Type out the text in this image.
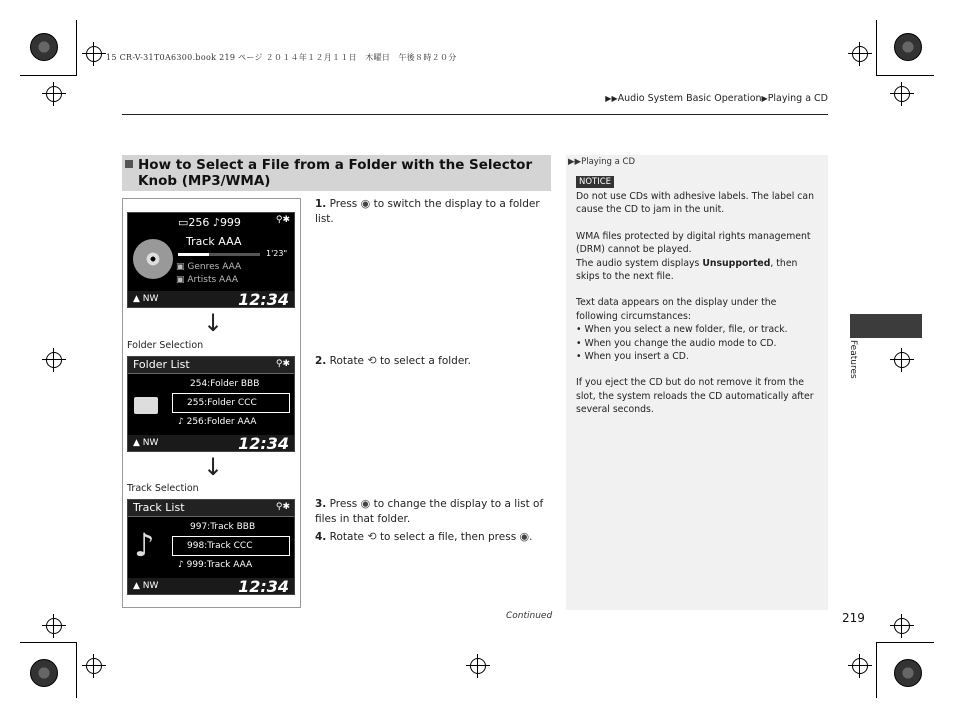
15 CR-V-31T0A6300.book 219 ページ ２０１４年１２月１１日　木曜日　午後８時２０分
▶▶Audio System Basic Operation▶Playing a CD
How to Select a File from a Folder with the Selector Knob (MP3/WMA)
▭256 ♪999	⚲✱
Track AAA
1'23"
▣ Genres AAA
▣ Artists AAA
▲ NW	12:34
↓
Folder Selection
Folder List	⚲✱
254:Folder BBB
255:Folder CCC
♪ 256:Folder AAA
▲ NW	12:34
↓
Track Selection
Track List	⚲✱
♪	997:Track BBB
998:Track CCC
♪ 999:Track AAA
▲ NW	12:34
1. Press ◉ to switch the display to a folder list.
2. Rotate ⟲ to select a folder.
3. Press ◉ to change the display to a list of files in that folder.
4. Rotate ⟲ to select a file, then press ◉.
▶▶Playing a CD
NOTICE

Do not use CDs with adhesive labels. The label can cause the CD to jam in the unit.

WMA files protected by digital rights management (DRM) cannot be played.
The audio system displays Unsupported, then skips to the next file.

Text data appears on the display under the following circumstances:
• When you select a new folder, file, or track.
• When you change the audio mode to CD.
• When you insert a CD.

If you eject the CD but do not remove it from the slot, the system reloads the CD automatically after several seconds.

Features
Continued	219
